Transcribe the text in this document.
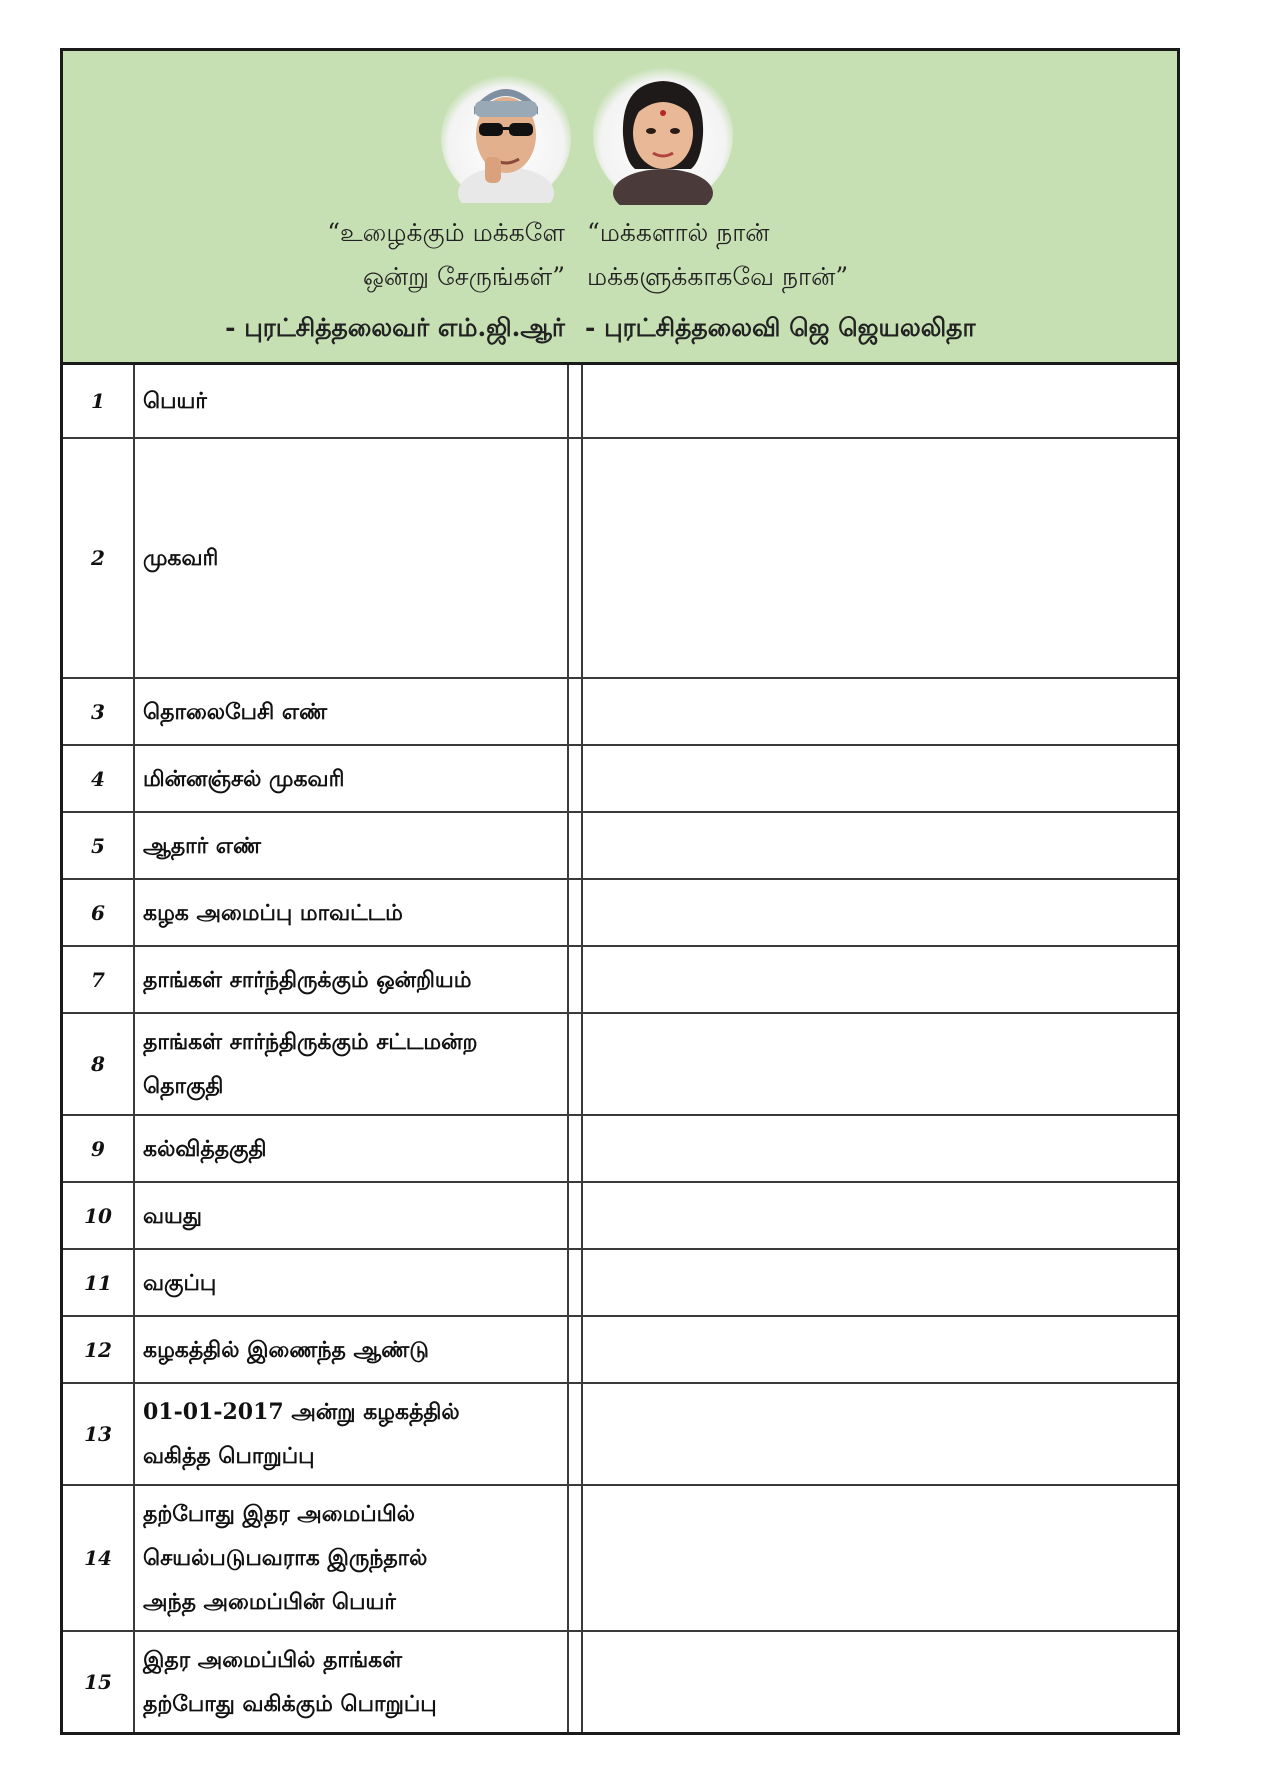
“உழைக்கும் மக்களே
ஒன்று சேருங்கள்”
“மக்களால் நான்
மக்களுக்காகவே நான்”
- புரட்சித்தலைவர் எம்.ஜி.ஆர் - புரட்சித்தலைவி ஜெ ஜெயலலிதா
1	பெயர்		

2	முகவரி		

3	தொலைபேசி எண்		

4	மின்னஞ்சல் முகவரி		

5	ஆதார் எண்		

6	கழக அமைப்பு மாவட்டம்		

7	தாங்கள் சார்ந்திருக்கும் ஒன்றியம்		

8	தாங்கள் சார்ந்திருக்கும் சட்டமன்ற
தொகுதி		

9	கல்வித்தகுதி		

10	வயது		

11	வகுப்பு		

12	கழகத்தில் இணைந்த ஆண்டு		

13	01-01-2017 அன்று கழகத்தில்
வகித்த பொறுப்பு		

14	தற்போது இதர அமைப்பில்
செயல்படுபவராக இருந்தால்
அந்த அமைப்பின் பெயர்		

15	இதர அமைப்பில் தாங்கள்
தற்போது வகிக்கும் பொறுப்பு		
